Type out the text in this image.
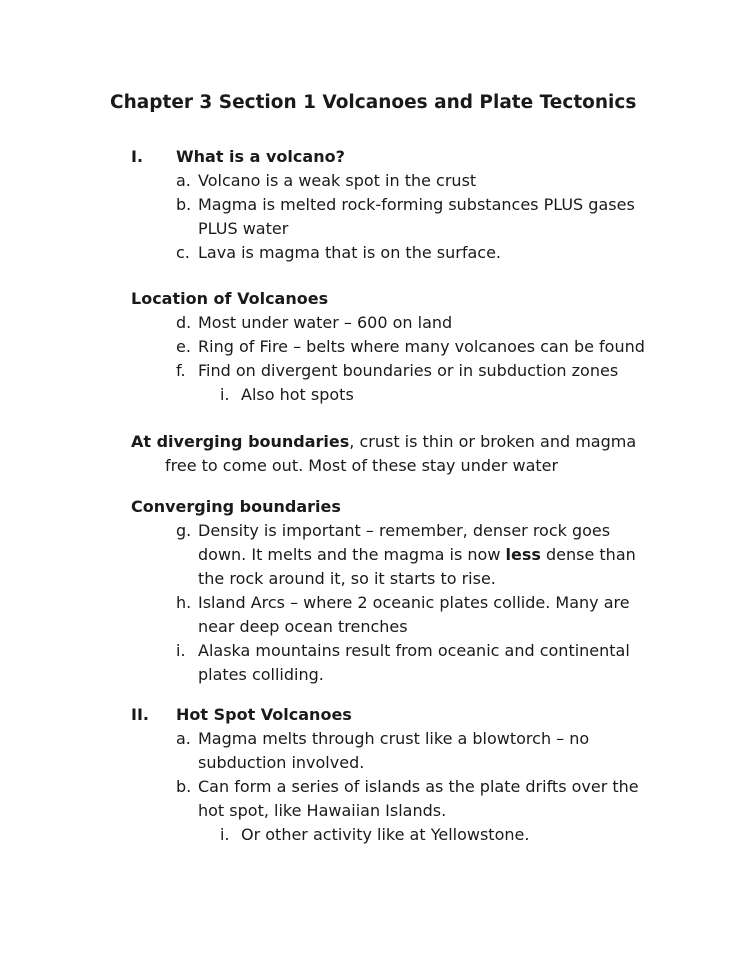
Chapter 3 Section 1 Volcanoes and Plate Tectonics
I. What is a volcano?
a. Volcano is a weak spot in the crust
b. Magma is melted rock-forming substances PLUS gases PLUS water
c. Lava is magma that is on the surface.
Location of Volcanoes
d. Most under water – 600 on land
e. Ring of Fire – belts where many volcanoes can be found
f. Find on divergent boundaries or in subduction zones
i. Also hot spots
At diverging boundaries, crust is thin or broken and magma
free to come out. Most of these stay under water
Converging boundaries
g. Density is important – remember, denser rock goes down. It melts and the magma is now less dense than the rock around it, so it starts to rise.
h. Island Arcs – where 2 oceanic plates collide. Many are near deep ocean trenches
i. Alaska mountains result from oceanic and continental plates colliding.
II. Hot Spot Volcanoes
a. Magma melts through crust like a blowtorch – no subduction involved.
b. Can form a series of islands as the plate drifts over the hot spot, like Hawaiian Islands.
i. Or other activity like at Yellowstone.
